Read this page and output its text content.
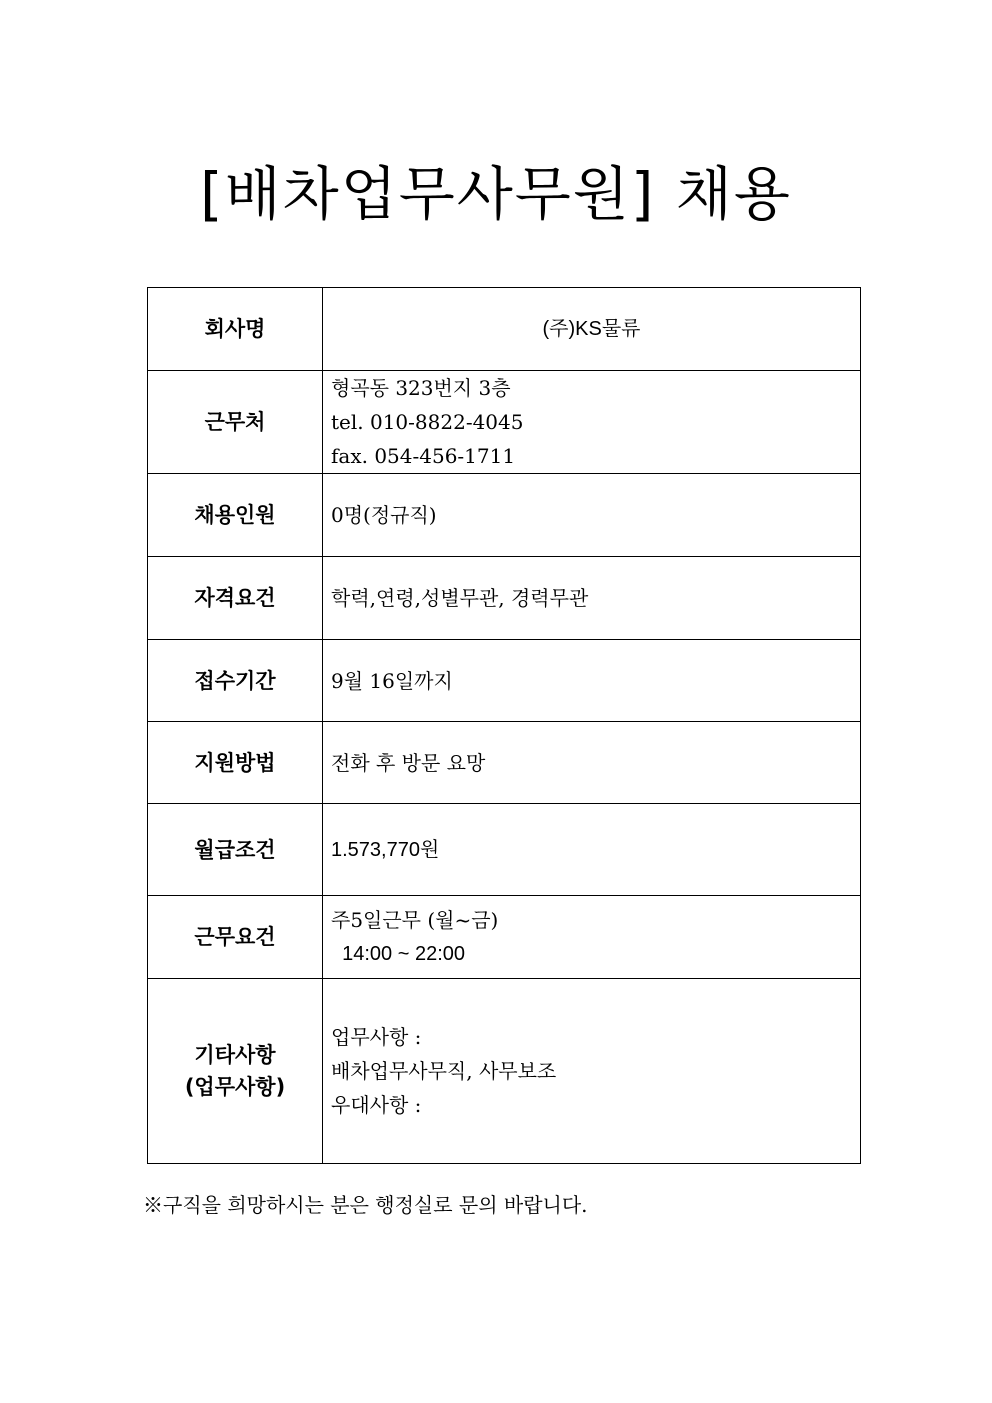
[배차업무사무원] 채용
회사명	(주)KS물류

근무처	형곡동 323번지 3층
tel. 010-8822-4045
fax. 054-456-1711

채용인원	0명(정규직)

자격요건	학력,연령,성별무관, 경력무관

접수기간	9월 16일까지

지원방법	전화 후 방문 요망

월급조건	1.573,770원

근무요건	주5일근무 (월~금)
14:00 ~ 22:00

기타사항
(업무사항)	업무사항 :
배차업무사무직, 사무보조
우대사항 :
※구직을 희망하시는 분은 행정실로 문의 바랍니다.
